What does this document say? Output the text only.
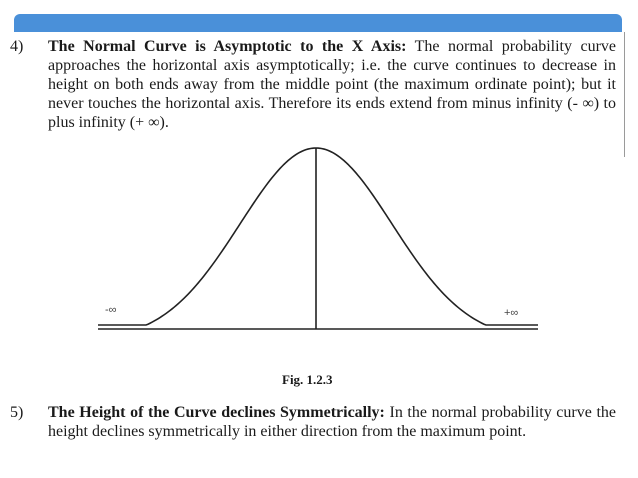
4) The Normal Curve is Asymptotic to the X Axis: The normal probability curve approaches the horizontal axis asymptotically; i.e. the curve continues to decrease in height on both ends away from the middle point (the maximum ordinate point); but it never touches the horizontal axis. Therefore its ends extend from minus infinity (- ∞) to plus infinity (+ ∞).
-∞	+∞
Fig. 1.2.3
5) The Height of the Curve declines Symmetrically: In the normal probability curve the height declines symmetrically in either direction from the maximum point.
